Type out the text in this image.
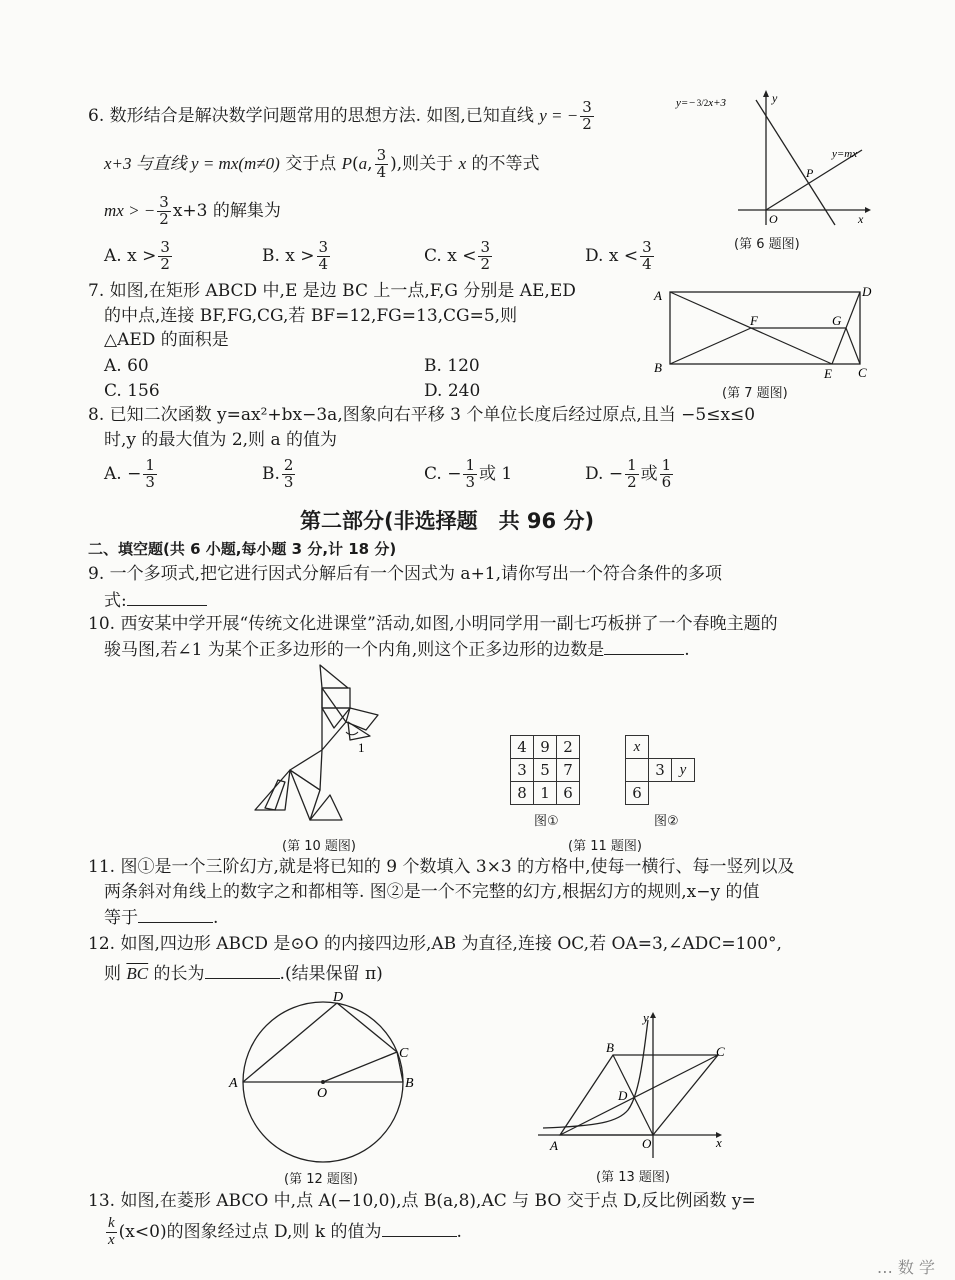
6. 数形结合是解决数学问题常用的思想方法. 如图,已知直线 y = − $\frac{3}{2}$
x+3 与直线 y = mx(m≠0) 交于点 P(a, $\frac{3}{4}$ ),则关于 x 的不等式
mx > − $\frac{3}{2} x+3$ 的解集为
A. $x > \frac{3}{2}$	B. $x > \frac{3}{4}$	C. $x < \frac{3}{2}$	D. $x < \frac{3}{4}$
y=−3/2x+3
y=mx
y
x
O
P
(第 6 题图)
7. 如图,在矩形 ABCD 中,E 是边 BC 上一点,F,G 分别是 AE,ED
的中点,连接 BF,FG,CG,若 BF=12,FG=13,CG=5,则
△AED 的面积是
A. 60	B. 120
C. 156	D. 240
A
B
D
C
E
F	G
(第 7 题图)
8. 已知二次函数 y=ax²+bx−3a,图象向右平移 3 个单位长度后经过原点,且当 −5≤x≤0
时,y 的最大值为 2,则 a 的值为
A. − $\frac{1}{3}$	B. $\frac{2}{3}$	C. − $\frac{1}{3}$ 或 1	D. − $\frac{1}{2}$ 或 $\frac{1}{6}$
第二部分(非选择题　共 96 分)
二、填空题(共 6 小题,每小题 3 分,计 18 分)
9. 一个多项式,把它进行因式分解后有一个因式为 a+1,请你写出一个符合条件的多项
式:
10. 西安某中学开展“传统文化进课堂”活动,如图,小明同学用一副七巧板拼了一个春晚主题的
骏马图,若∠1 为某个正多边形的一个内角,则这个正多边形的边数是	.
1
(第 10 题图)
4	9	2
3	5	7
8	1	6
x		
	3	y
6		
图①	图②
(第 11 题图)
11. 图①是一个三阶幻方,就是将已知的 9 个数填入 3×3 的方格中,使每一横行、每一竖列以及
两条斜对角线上的数字之和都相等. 图②是一个不完整的幻方,根据幻方的规则,x−y 的值
等于	.
12. 如图,四边形 ABCD 是⊙O 的内接四边形,AB 为直径,连接 OC,若 OA=3,∠ADC=100°,
则 $\overline{BC}$ 的长为	.(结果保留 π)
A	B
C
D
O
(第 12 题图)
A
B	C
D
O	x
y
(第 13 题图)
13. 如图,在菱形 ABCO 中,点 A(−10,0),点 B(a,8),AC 与 BO 交于点 D,反比例函数 y=
$\frac{k}{x} (x<0)$的图象经过点 D,则 k 的值为	.
… 数 学
